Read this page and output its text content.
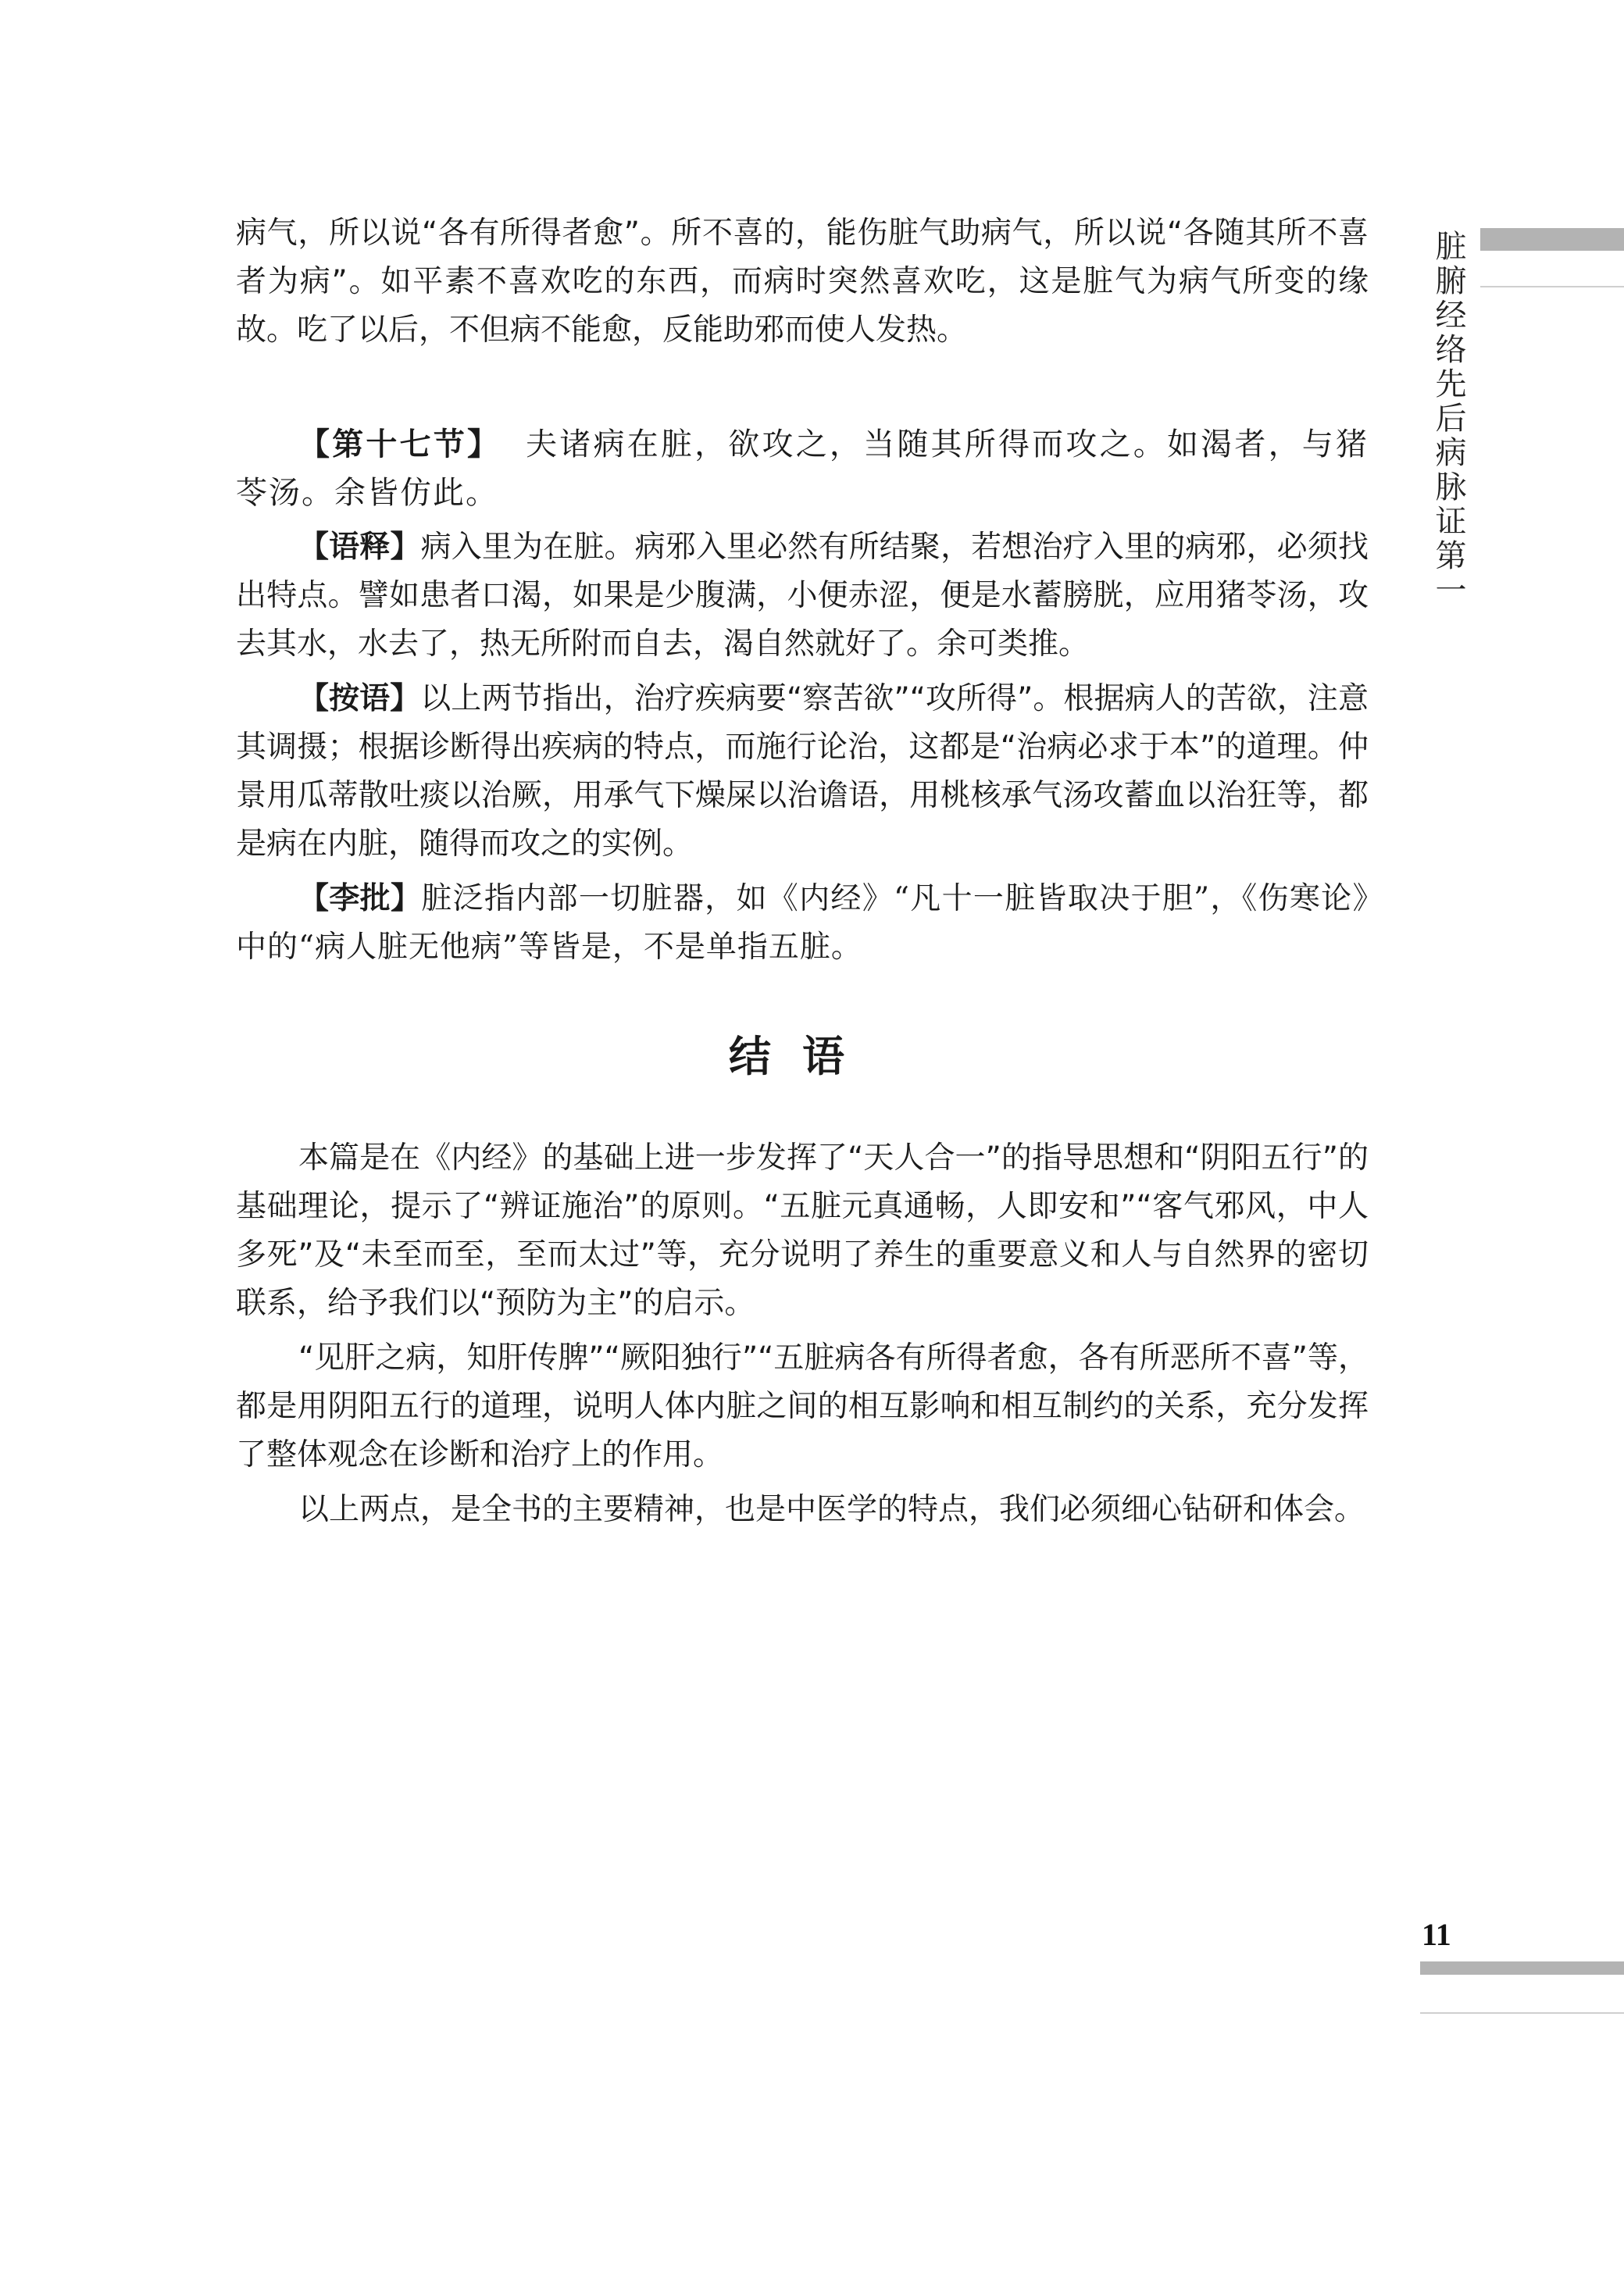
脏腑经络先后病脉证第一
11

病气，所以说“各有所得者愈”。所不喜的，能伤脏气助病气，所以说“各随其所不喜者为病”。如平素不喜欢吃的东西，而病时突然喜欢吃，这是脏气为病气所变的缘故。吃了以后，不但病不能愈，反能助邪而使人发热。

【第十七节】 夫诸病在脏，欲攻之，当随其所得而攻之。如渴者，与猪苓汤。余皆仿此。

【语释】病入里为在脏。病邪入里必然有所结聚，若想治疗入里的病邪，必须找出特点。譬如患者口渴，如果是少腹满，小便赤涩，便是水蓄膀胱，应用猪苓汤，攻去其水，水去了，热无所附而自去，渴自然就好了。余可类推。

【按语】以上两节指出，治疗疾病要“察苦欲”“攻所得”。根据病人的苦欲，注意其调摄；根据诊断得出疾病的特点，而施行论治，这都是“治病必求于本”的道理。仲景用瓜蒂散吐痰以治厥，用承气下燥屎以治谵语，用桃核承气汤攻蓄血以治狂等，都是病在内脏，随得而攻之的实例。

【李批】脏泛指内部一切脏器，如《内经》“凡十一脏皆取决于胆”，《伤寒论》中的“病人脏无他病”等皆是，不是单指五脏。

结语

本篇是在《内经》的基础上进一步发挥了“天人合一”的指导思想和“阴阳五行”的基础理论，提示了“辨证施治”的原则。“五脏元真通畅，人即安和”“客气邪风，中人多死”及“未至而至，至而太过”等，充分说明了养生的重要意义和人与自然界的密切联系，给予我们以“预防为主”的启示。

“见肝之病，知肝传脾”“厥阳独行”“五脏病各有所得者愈，各有所恶所不喜”等，都是用阴阳五行的道理，说明人体内脏之间的相互影响和相互制约的关系，充分发挥了整体观念在诊断和治疗上的作用。

以上两点，是全书的主要精神，也是中医学的特点，我们必须细心钻研和体会。
